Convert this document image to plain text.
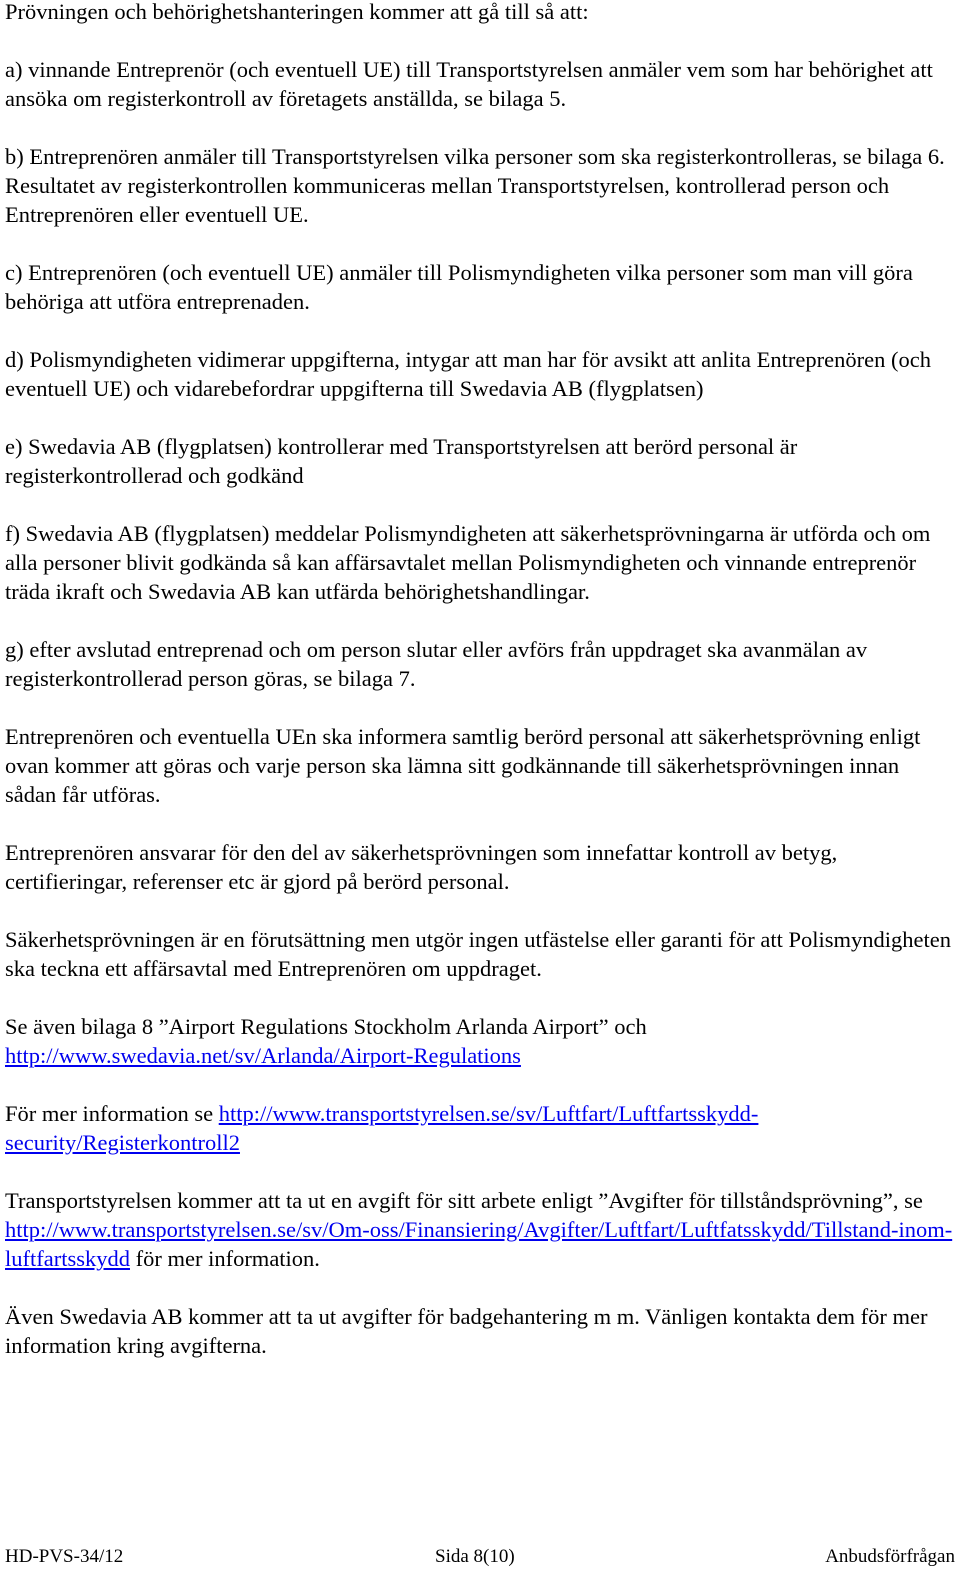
Prövningen och behörighetshanteringen kommer att gå till så att:

a) vinnande Entreprenör (och eventuell UE) till Transportstyrelsen anmäler vem som har behörighet att ansöka om registerkontroll av företagets anställda, se bilaga 5.

b) Entreprenören anmäler till Transportstyrelsen vilka personer som ska registerkontrolleras, se bilaga 6. Resultatet av registerkontrollen kommuniceras mellan Transportstyrelsen, kontrollerad person och Entreprenören eller eventuell UE.

c) Entreprenören (och eventuell UE) anmäler till Polismyndigheten vilka personer som man vill göra behöriga att utföra entreprenaden.

d) Polismyndigheten vidimerar uppgifterna, intygar att man har för avsikt att anlita Entreprenören (och eventuell UE) och vidarebefordrar uppgifterna till Swedavia AB (flygplatsen)

e) Swedavia AB (flygplatsen) kontrollerar med Transportstyrelsen att berörd personal är registerkontrollerad och godkänd

f) Swedavia AB (flygplatsen) meddelar Polismyndigheten att säkerhetsprövningarna är utförda och om alla personer blivit godkända så kan affärsavtalet mellan Polismyndigheten och vinnande entreprenör träda ikraft och Swedavia AB kan utfärda behörighetshandlingar.

g) efter avslutad entreprenad och om person slutar eller avförs från uppdraget ska avanmälan av registerkontrollerad person göras, se bilaga 7.

Entreprenören och eventuella UEn ska informera samtlig berörd personal att säkerhetsprövning enligt ovan kommer att göras och varje person ska lämna sitt godkännande till säkerhetsprövningen innan sådan får utföras.

Entreprenören ansvarar för den del av säkerhetsprövningen som innefattar kontroll av betyg, certifieringar, referenser etc är gjord på berörd personal.

Säkerhetsprövningen är en förutsättning men utgör ingen utfästelse eller garanti för att Polismyndigheten ska teckna ett affärsavtal med Entreprenören om uppdraget.

Se även bilaga 8 ”Airport Regulations Stockholm Arlanda Airport” och
http://www.swedavia.net/sv/Arlanda/Airport-Regulations

För mer information se http://www.transportstyrelsen.se/sv/Luftfart/Luftfartsskydd-security/Registerkontroll2

Transportstyrelsen kommer att ta ut en avgift för sitt arbete enligt ”Avgifter för tillståndsprövning”, se http://www.transportstyrelsen.se/sv/Om-oss/Finansiering/Avgifter/Luftfart/Luftfatsskydd/Tillstand-inom-luftfartsskydd för mer information.

Även Swedavia AB kommer att ta ut avgifter för badgehantering m m. Vänligen kontakta dem för mer information kring avgifterna.

HD-PVS-34/12	Sida 8(10)	Anbudsförfrågan
